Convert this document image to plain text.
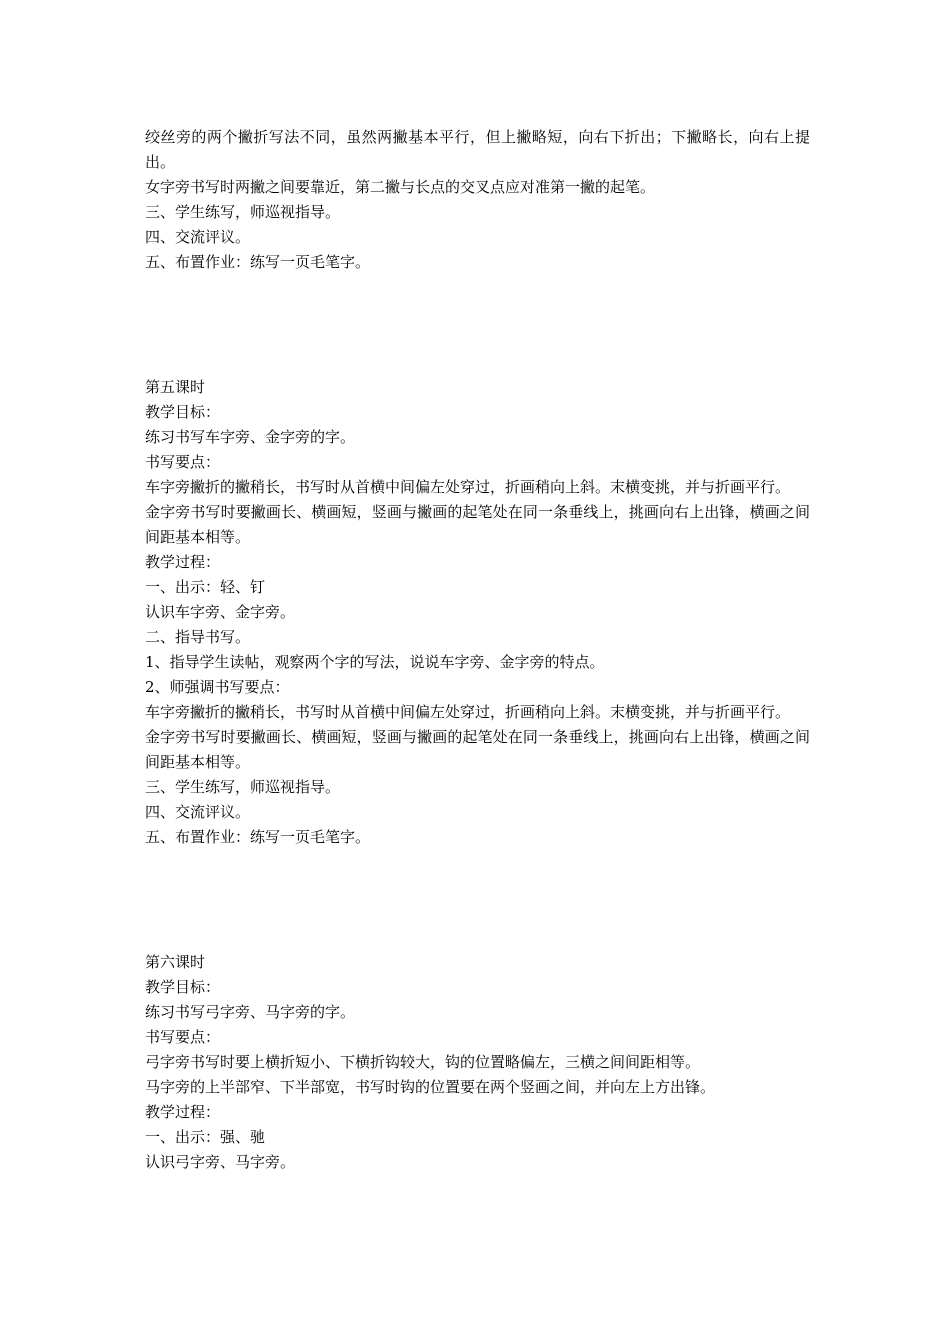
绞丝旁的两个撇折写法不同，虽然两撇基本平行，但上撇略短，向右下折出；下撇略长，向右上提出。

女字旁书写时两撇之间要靠近，第二撇与长点的交叉点应对准第一撇的起笔。

三、学生练写，师巡视指导。

四、交流评议。

五、布置作业：练写一页毛笔字。

第五课时

教学目标：

练习书写车字旁、金字旁的字。

书写要点：

车字旁撇折的撇稍长，书写时从首横中间偏左处穿过，折画稍向上斜。末横变挑，并与折画平行。

金字旁书写时要撇画长、横画短，竖画与撇画的起笔处在同一条垂线上，挑画向右上出锋，横画之间间距基本相等。

教学过程：

一、出示：轻、钉

认识车字旁、金字旁。

二、指导书写。

1、指导学生读帖，观察两个字的写法，说说车字旁、金字旁的特点。

2、师强调书写要点：

车字旁撇折的撇稍长，书写时从首横中间偏左处穿过，折画稍向上斜。末横变挑，并与折画平行。

金字旁书写时要撇画长、横画短，竖画与撇画的起笔处在同一条垂线上，挑画向右上出锋，横画之间间距基本相等。

三、学生练写，师巡视指导。

四、交流评议。

五、布置作业：练写一页毛笔字。

第六课时

教学目标：

练习书写弓字旁、马字旁的字。

书写要点：

弓字旁书写时要上横折短小、下横折钩较大，钩的位置略偏左，三横之间间距相等。

马字旁的上半部窄、下半部宽，书写时钩的位置要在两个竖画之间，并向左上方出锋。

教学过程：

一、出示：强、驰

认识弓字旁、马字旁。
